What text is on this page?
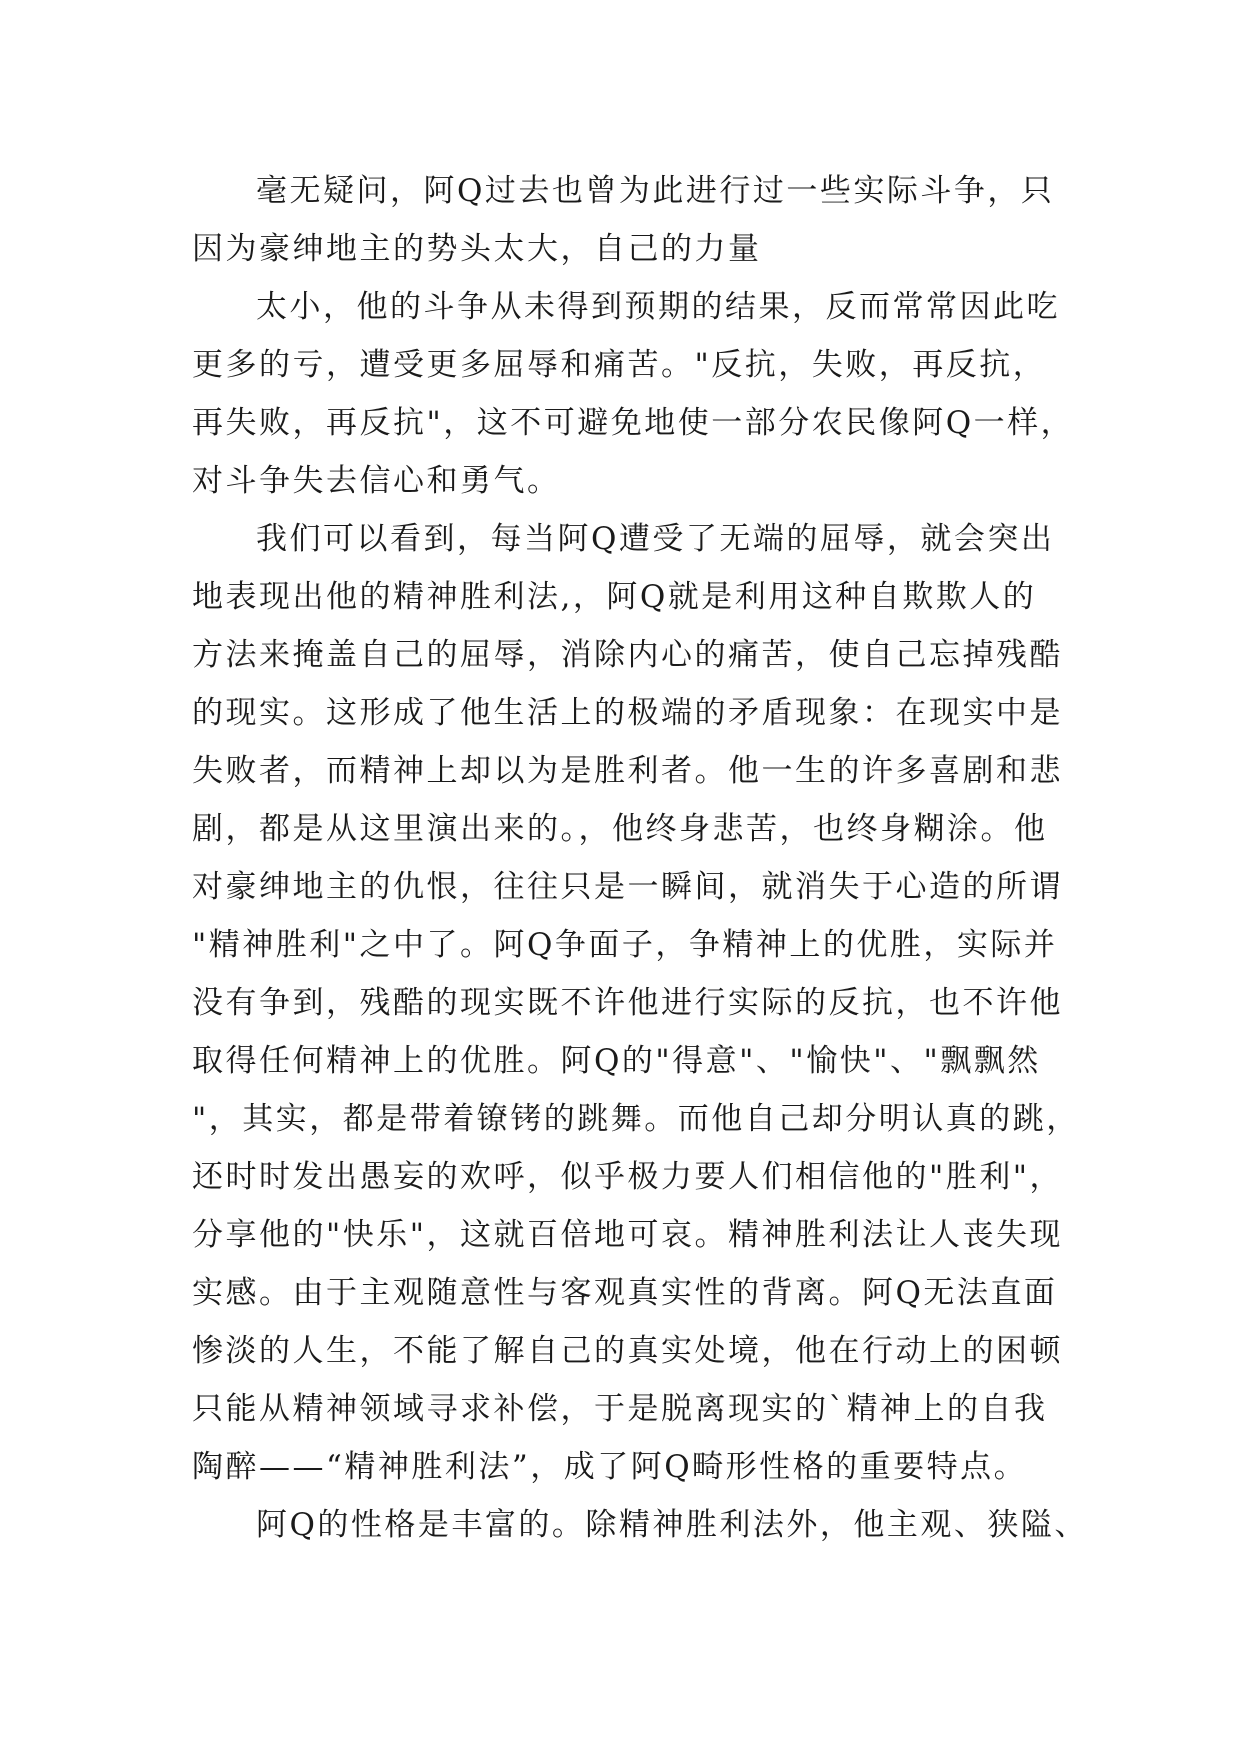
毫无疑问，阿Q过去也曾为此进行过一些实际斗争，只
因为豪绅地主的势头太大，自己的力量
太小，他的斗争从未得到预期的结果，反而常常因此吃
更多的亏，遭受更多屈辱和痛苦。"反抗，失败，再反抗，
再失败，再反抗"，这不可避免地使一部分农民像阿Q一样，
对斗争失去信心和勇气。
我们可以看到，每当阿Q遭受了无端的屈辱，就会突出
地表现出他的精神胜利法,，阿Q就是利用这种自欺欺人的
方法来掩盖自己的屈辱，消除内心的痛苦，使自己忘掉残酷
的现实。这形成了他生活上的极端的矛盾现象：在现实中是
失败者，而精神上却以为是胜利者。他一生的许多喜剧和悲
剧，都是从这里演出来的。，他终身悲苦，也终身糊涂。他
对豪绅地主的仇恨，往往只是一瞬间，就消失于心造的所谓
"精神胜利"之中了。阿Q争面子，争精神上的优胜，实际并
没有争到，残酷的现实既不许他进行实际的反抗，也不许他
取得任何精神上的优胜。阿Q的"得意"、"愉快"、"飘飘然
"，其实，都是带着镣铐的跳舞。而他自己却分明认真的跳，
还时时发出愚妄的欢呼，似乎极力要人们相信他的"胜利"，
分享他的"快乐"，这就百倍地可哀。精神胜利法让人丧失现
实感。由于主观随意性与客观真实性的背离。阿Q无法直面
惨淡的人生，不能了解自己的真实处境，他在行动上的困顿
只能从精神领域寻求补偿，于是脱离现实的`精神上的自我
陶醉——“精神胜利法”，成了阿Q畸形性格的重要特点。
阿Q的性格是丰富的。除精神胜利法外，他主观、狭隘、
